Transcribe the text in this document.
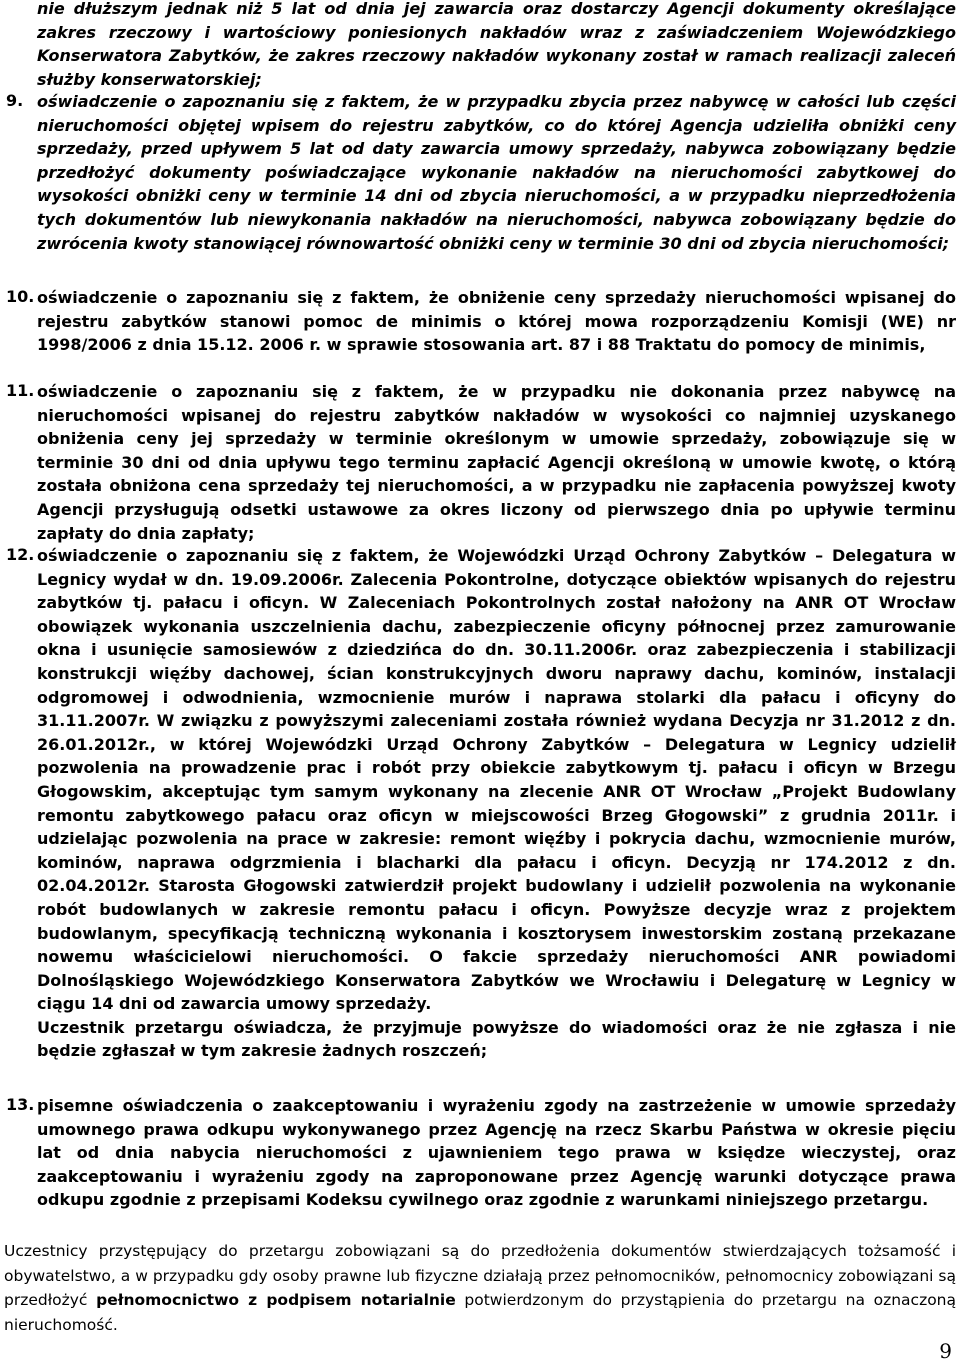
nie dłuższym jednak niż 5 lat od dnia jej zawarcia oraz dostarczy Agencji dokumenty określające zakres rzeczowy i wartościowy poniesionych nakładów wraz z zaświadczeniem Wojewódzkiego Konserwatora Zabytków, że zakres rzeczowy nakładów wykonany został w ramach realizacji zaleceń służby konserwatorskiej;
9. oświadczenie o zapoznaniu się z faktem, że w przypadku zbycia przez nabywcę w całości lub części nieruchomości objętej wpisem do rejestru zabytków, co do której Agencja udzieliła obniżki ceny sprzedaży, przed upływem 5 lat od daty zawarcia umowy sprzedaży, nabywca zobowiązany będzie przedłożyć dokumenty poświadczające wykonanie nakładów na nieruchomości zabytkowej do wysokości obniżki ceny w terminie 14 dni od zbycia nieruchomości, a w przypadku nieprzedłożenia tych dokumentów lub niewykonania nakładów na nieruchomości, nabywca zobowiązany będzie do zwrócenia kwoty stanowiącej równowartość obniżki ceny w terminie 30 dni od zbycia nieruchomości;
10. oświadczenie o zapoznaniu się z faktem, że obniżenie ceny sprzedaży nieruchomości wpisanej do rejestru zabytków stanowi pomoc de minimis o której mowa rozporządzeniu Komisji (WE) nr 1998/2006 z dnia 15.12. 2006 r. w sprawie stosowania art. 87 i 88 Traktatu do pomocy de minimis,
11. oświadczenie o zapoznaniu się z faktem, że w przypadku nie dokonania przez nabywcę na nieruchomości wpisanej do rejestru zabytków nakładów w wysokości co najmniej uzyskanego obniżenia ceny jej sprzedaży w terminie określonym w umowie sprzedaży, zobowiązuje się w terminie 30 dni od dnia upływu tego terminu zapłacić Agencji określoną w umowie kwotę, o którą została obniżona cena sprzedaży tej nieruchomości, a w przypadku nie zapłacenia powyższej kwoty Agencji przysługują odsetki ustawowe za okres liczony od pierwszego dnia po upływie terminu zapłaty do dnia zapłaty;
12. oświadczenie o zapoznaniu się z faktem, że Wojewódzki Urząd Ochrony Zabytków – Delegatura w Legnicy wydał w dn. 19.09.2006r. Zalecenia Pokontrolne, dotyczące obiektów wpisanych do rejestru zabytków tj. pałacu i oficyn. W Zaleceniach Pokontrolnych został nałożony na ANR OT Wrocław obowiązek wykonania uszczelnienia dachu, zabezpieczenie oficyny północnej przez zamurowanie okna i usunięcie samosiewów z dziedzińca do dn. 30.11.2006r. oraz zabezpieczenia i stabilizacji konstrukcji więźby dachowej, ścian konstrukcyjnych dworu naprawy dachu, kominów, instalacji odgromowej i odwodnienia, wzmocnienie murów i naprawa stolarki dla pałacu i oficyny do 31.11.2007r. W związku z powyższymi zaleceniami została również wydana Decyzja nr 31.2012 z dn. 26.01.2012r., w której Wojewódzki Urząd Ochrony Zabytków – Delegatura w Legnicy udzielił pozwolenia na prowadzenie prac i robót przy obiekcie zabytkowym tj. pałacu i oficyn w Brzegu Głogowskim, akceptując tym samym wykonany na zlecenie ANR OT Wrocław „Projekt Budowlany remontu zabytkowego pałacu oraz oficyn w miejscowości Brzeg Głogowski” z grudnia 2011r. i udzielając pozwolenia na prace w zakresie: remont więźby i pokrycia dachu, wzmocnienie murów, kominów, naprawa odgrzmienia i blacharki dla pałacu i oficyn. Decyzją nr 174.2012 z dn. 02.04.2012r. Starosta Głogowski zatwierdził projekt budowlany i udzielił pozwolenia na wykonanie robót budowlanych w zakresie remontu pałacu i oficyn. Powyższe decyzje wraz z projektem budowlanym, specyfikacją techniczną wykonania i kosztorysem inwestorskim zostaną przekazane nowemu właścicielowi nieruchomości. O fakcie sprzedaży nieruchomości ANR powiadomi Dolnośląskiego Wojewódzkiego Konserwatora Zabytków we Wrocławiu i Delegaturę w Legnicy w ciągu 14 dni od zawarcia umowy sprzedaży.

Uczestnik przetargu oświadcza, że przyjmuje powyższe do wiadomości oraz że nie zgłasza i nie będzie zgłaszał w tym zakresie żadnych roszczeń;

13. pisemne oświadczenia o zaakceptowaniu i wyrażeniu zgody na zastrzeżenie w umowie sprzedaży umownego prawa odkupu wykonywanego przez Agencję na rzecz Skarbu Państwa w okresie pięciu lat od dnia nabycia nieruchomości z ujawnieniem tego prawa w księdze wieczystej, oraz zaakceptowaniu i wyrażeniu zgody na zaproponowane przez Agencję warunki dotyczące prawa odkupu zgodnie z przepisami Kodeksu cywilnego oraz zgodnie z warunkami niniejszego przetargu.
Uczestnicy przystępujący do przetargu zobowiązani są do przedłożenia dokumentów stwierdzających tożsamość i obywatelstwo, a w przypadku gdy osoby prawne lub fizyczne działają przez pełnomocników, pełnomocnicy zobowiązani są przedłożyć pełnomocnictwo z podpisem notarialnie potwierdzonym do przystąpienia do przetargu na oznaczoną nieruchomość.
9
